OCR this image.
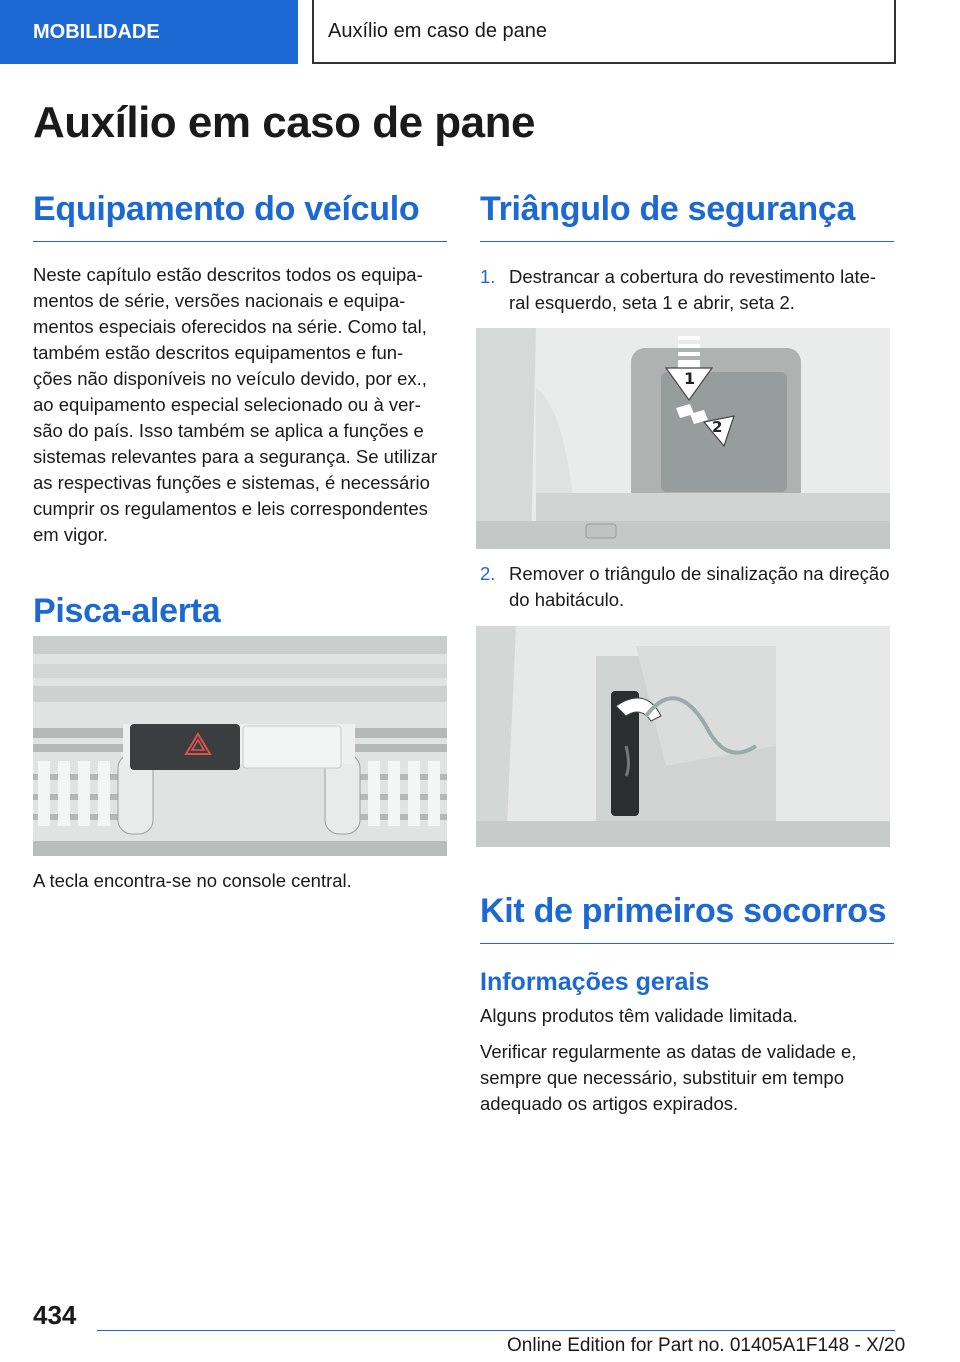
MOBILIDADE	Auxílio em caso de pane
Auxílio em caso de pane
Equipamento do veículo

Neste capítulo estão descritos todos os equipa‐
mentos de série, versões nacionais e equipa‐
mentos especiais oferecidos na série. Como tal,
também estão descritos equipamentos e fun‐
ções não disponíveis no veículo devido, por ex.,
ao equipamento especial selecionado ou à ver‐
são do país. Isso também se aplica a funções e
sistemas relevantes para a segurança. Se utilizar
as respectivas funções e sistemas, é necessário
cumprir os regulamentos e leis correspondentes
em vigor.

Pisca-alerta

A tecla encontra-se no console central.

Triângulo de segurança
1. Destrancar a cobertura do revestimento late‐
ral esquerdo, seta 1 e abrir, seta 2.
1
2
2. Remover o triângulo de sinalização na direção
do habitáculo.
Kit de primeiros socorros
Informações gerais

Alguns produtos têm validade limitada.

Verificar regularmente as datas de validade e,
sempre que necessário, substituir em tempo
adequado os artigos expirados.

434
Online Edition for Part no. 01405A1F148 - X/20
